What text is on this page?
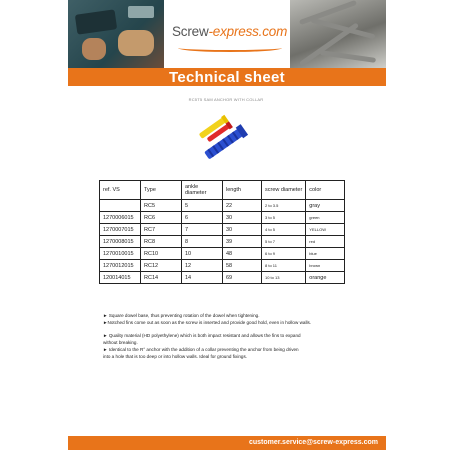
Screw-express.com
Technical sheet
RC5T5 SAM ANCHOR WITH COLLAR
ref. VS	Type	ankle diameter	length	screw diameter	color
	RC5	5	22	2 to 3.5	gray
1270006015	RC6	6	30	3 to 5	green
1270007015	RC7	7	30	4 to 5	YELLOW
1270008015	RC8	8	39	5 to 7	red
1270010015	RC10	10	48	6 to 9	blue
1270012015	RC12	12	58	8 to 11	brown
120014015	RC14	14	69	10 to 13	orange

► Square dowel base, thus preventing rotation of the dowel when tightening.

►Notched fins come out as soon as the screw is inserted and provide good hold, even in hollow walls.

► Quality material (HD polyethylene) which is both impact resistant and allows the fins to expand

without breaking.

► Identical to the R° anchor with the addition of a collar preventing the anchor from being driven

into a hole that is too deep or into hollow walls. Ideal for ground fixings.

customer.service@screw-express.com
